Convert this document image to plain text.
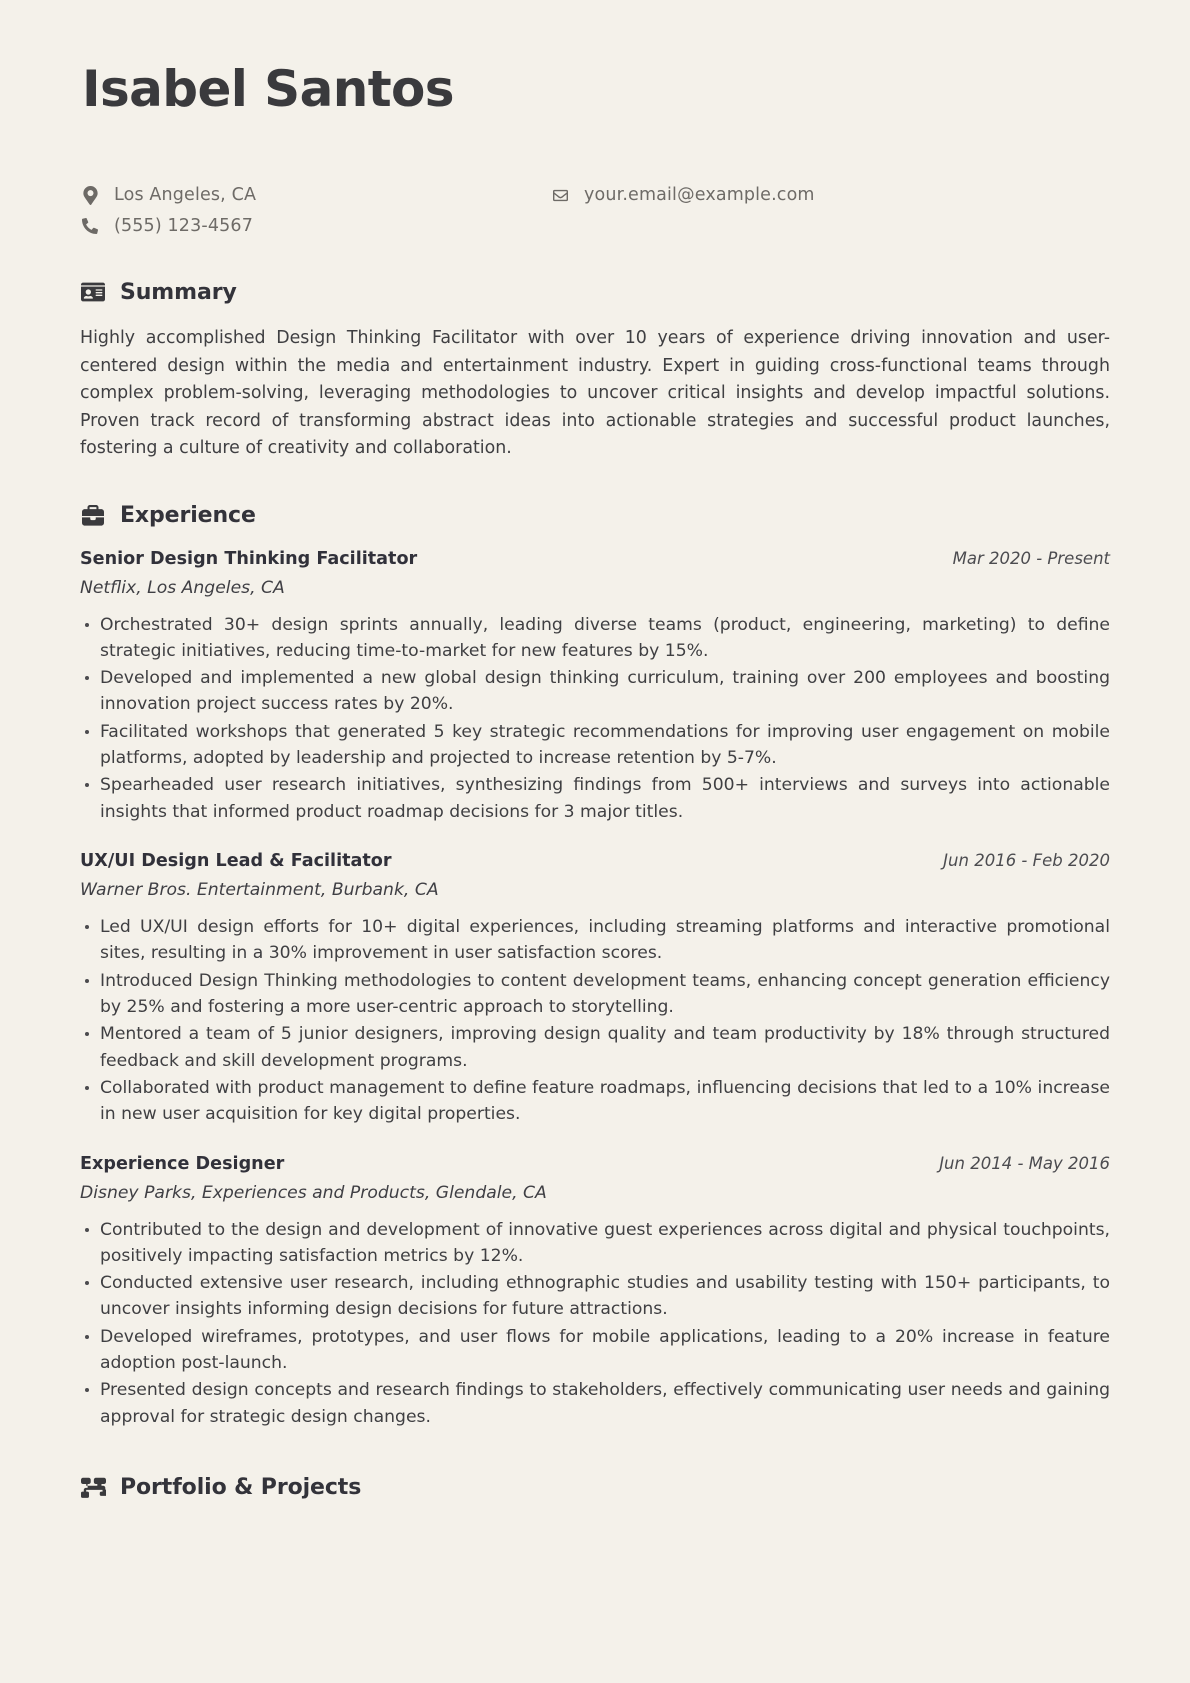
Isabel Santos
Los Angeles, CA
(555) 123-4567
your.email@example.com
Summary

Highly accomplished Design Thinking Facilitator with over 10 years of experience driving innovation and user-centered design within the media and entertainment industry. Expert in guiding cross-functional teams through complex problem-solving, leveraging methodologies to uncover critical insights and develop impactful solutions. Proven track record of transforming abstract ideas into actionable strategies and successful product launches, fostering a culture of creativity and collaboration.

Experience
Senior Design Thinking Facilitator	Mar 2020 - Present
Netflix, Los Angeles, CA
Orchestrated 30+ design sprints annually, leading diverse teams (product, engineering, marketing) to define strategic initiatives, reducing time-to-market for new features by 15%.
Developed and implemented a new global design thinking curriculum, training over 200 employees and boosting innovation project success rates by 20%.
Facilitated workshops that generated 5 key strategic recommendations for improving user engagement on mobile platforms, adopted by leadership and projected to increase retention by 5-7%.
Spearheaded user research initiatives, synthesizing findings from 500+ interviews and surveys into actionable insights that informed product roadmap decisions for 3 major titles.
UX/UI Design Lead & Facilitator	Jun 2016 - Feb 2020
Warner Bros. Entertainment, Burbank, CA
Led UX/UI design efforts for 10+ digital experiences, including streaming platforms and interactive promotional sites, resulting in a 30% improvement in user satisfaction scores.
Introduced Design Thinking methodologies to content development teams, enhancing concept generation efficiency by 25% and fostering a more user-centric approach to storytelling.
Mentored a team of 5 junior designers, improving design quality and team productivity by 18% through structured feedback and skill development programs.
Collaborated with product management to define feature roadmaps, influencing decisions that led to a 10% increase in new user acquisition for key digital properties.
Experience Designer	Jun 2014 - May 2016
Disney Parks, Experiences and Products, Glendale, CA
Contributed to the design and development of innovative guest experiences across digital and physical touchpoints, positively impacting satisfaction metrics by 12%.
Conducted extensive user research, including ethnographic studies and usability testing with 150+ participants, to uncover insights informing design decisions for future attractions.
Developed wireframes, prototypes, and user flows for mobile applications, leading to a 20% increase in feature adoption post-launch.
Presented design concepts and research findings to stakeholders, effectively communicating user needs and gaining approval for strategic design changes.
Portfolio & Projects
